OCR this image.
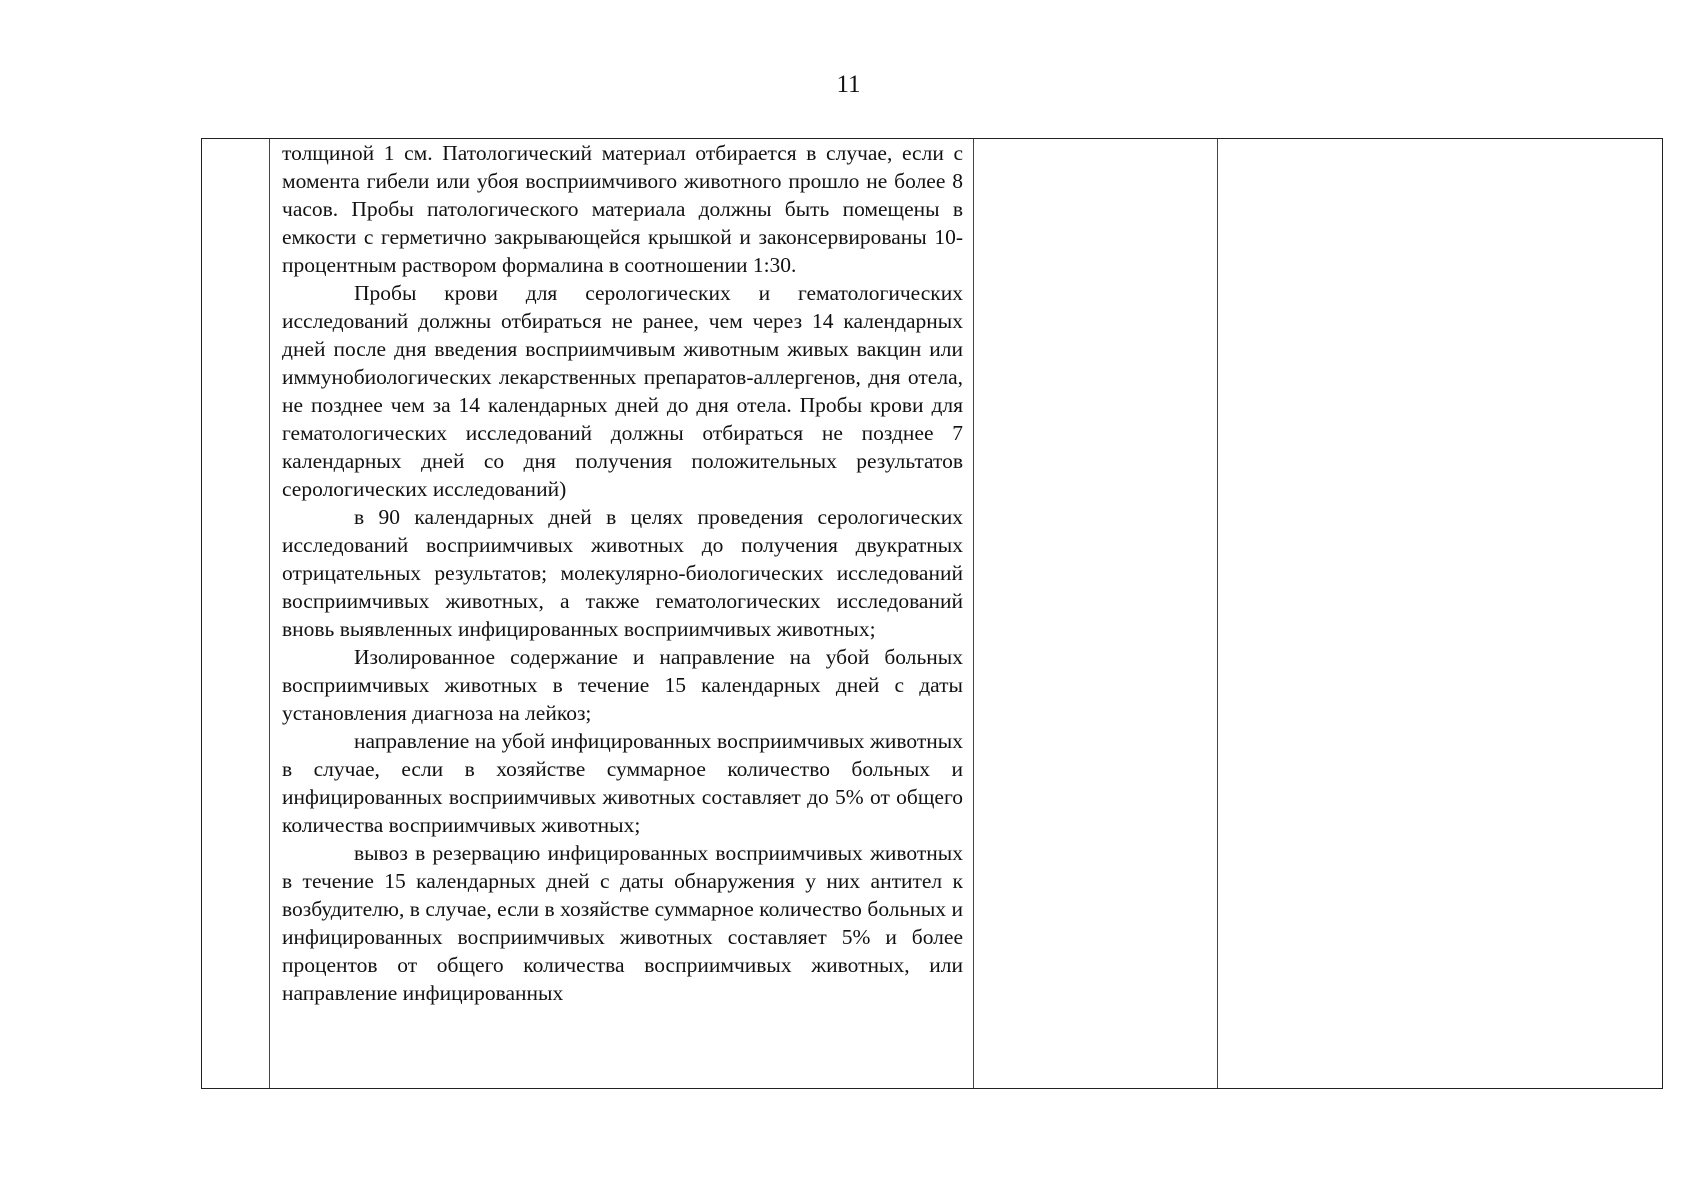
11

толщиной 1 см. Патологический материал отбирается в случае, если с момента гибели или убоя восприимчивого животного прошло не более 8 часов. Пробы патологического материала должны быть помещены в емкости с герметично закрывающейся крышкой и законсервированы 10-процентным раствором формалина в соотношении 1:30.

Пробы крови для серологических и гематологических исследований должны отбираться не ранее, чем через 14 календарных дней после дня введения восприимчивым животным живых вакцин или иммунобиологических лекарственных препаратов-аллергенов, дня отела, не позднее чем за 14 календарных дней до дня отела. Пробы крови для гематологических исследований должны отбираться не позднее 7 календарных дней со дня получения положительных результатов серологических исследований)

в 90 календарных дней в целях проведения серологических исследований восприимчивых животных до получения двукратных отрицательных результатов; молекулярно-биологических исследований восприимчивых животных, а также гематологических исследований вновь выявленных инфицированных восприимчивых животных;

Изолированное содержание и направление на убой больных восприимчивых животных в течение 15 календарных дней с даты установления диагноза на лейкоз;

направление на убой инфицированных восприимчивых животных в случае, если в хозяйстве суммарное количество больных и инфицированных восприимчивых животных составляет до 5% от общего количества восприимчивых животных;

вывоз в резервацию инфицированных восприимчивых животных в течение 15 календарных дней с даты обнаружения у них антител к возбудителю, в случае, если в хозяйстве суммарное количество больных и инфицированных восприимчивых животных составляет 5% и более процентов от общего количества восприимчивых животных, или направление инфицированных
